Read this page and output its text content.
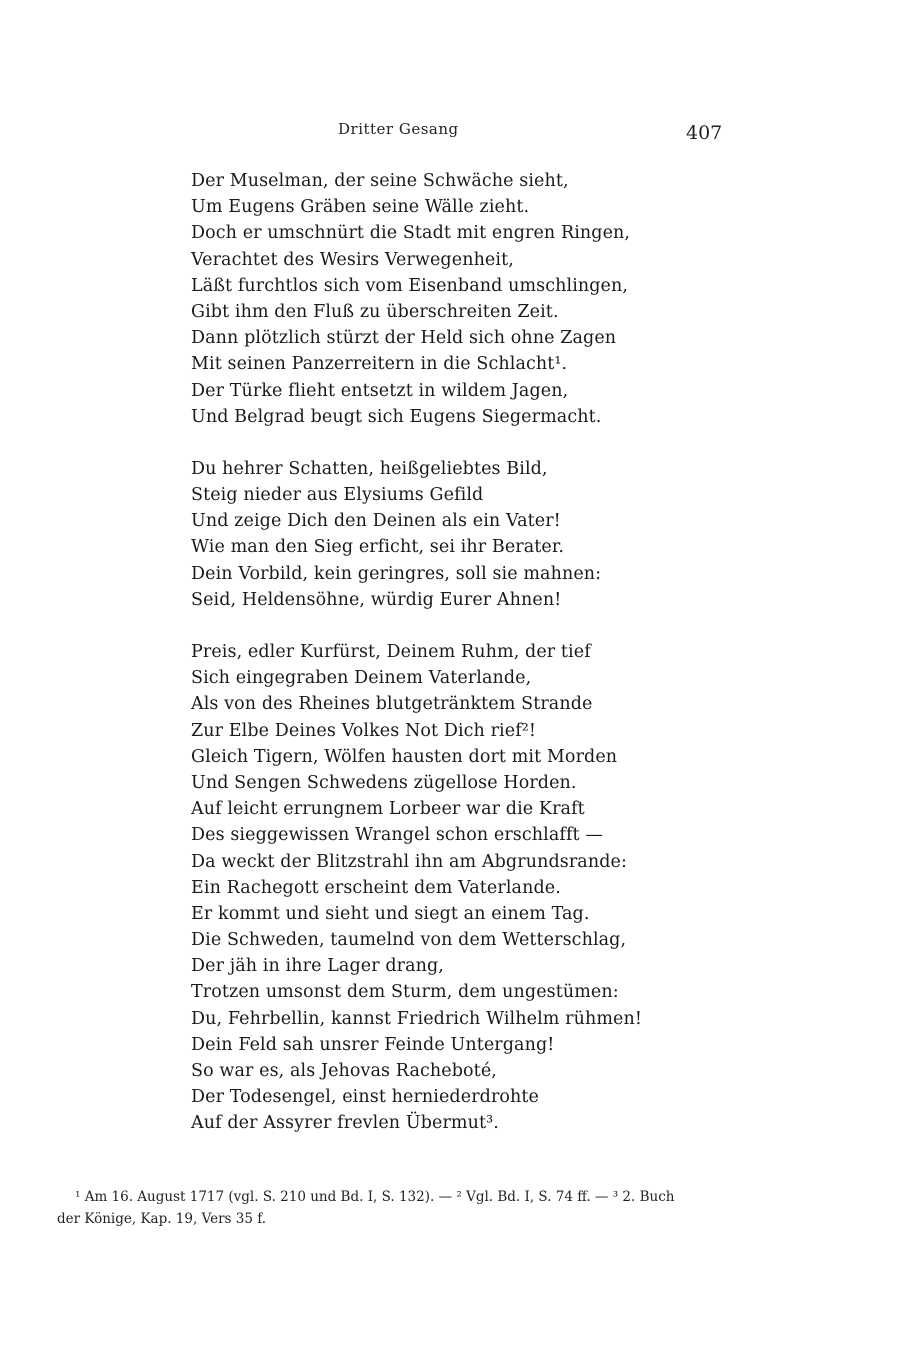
Dritter Gesang	407
Der Muselman, der seine Schwäche sieht,
Um Eugens Gräben seine Wälle zieht.
Doch er umschnürt die Stadt mit engren Ringen,
Verachtet des Wesirs Verwegenheit,
Läßt furchtlos sich vom Eisenband umschlingen,
Gibt ihm den Fluß zu überschreiten Zeit.
Dann plötzlich stürzt der Held sich ohne Zagen
Mit seinen Panzerreitern in die Schlacht¹.
Der Türke flieht entsetzt in wildem Jagen,
Und Belgrad beugt sich Eugens Siegermacht.
Du hehrer Schatten, heißgeliebtes Bild,
Steig nieder aus Elysiums Gefild
Und zeige Dich den Deinen als ein Vater!
Wie man den Sieg erficht, sei ihr Berater.
Dein Vorbild, kein geringres, soll sie mahnen:
Seid, Heldensöhne, würdig Eurer Ahnen!
Preis, edler Kurfürst, Deinem Ruhm, der tief
Sich eingegraben Deinem Vaterlande,
Als von des Rheines blutgetränktem Strande
Zur Elbe Deines Volkes Not Dich rief²!
Gleich Tigern, Wölfen hausten dort mit Morden
Und Sengen Schwedens zügellose Horden.
Auf leicht errungnem Lorbeer war die Kraft
Des sieggewissen Wrangel schon erschlafft —
Da weckt der Blitzstrahl ihn am Abgrundsrande:
Ein Rachegott erscheint dem Vaterlande.
Er kommt und sieht und siegt an einem Tag.
Die Schweden, taumelnd von dem Wetterschlag,
Der jäh in ihre Lager drang,
Trotzen umsonst dem Sturm, dem ungestümen:
Du, Fehrbellin, kannst Friedrich Wilhelm rühmen!
Dein Feld sah unsrer Feinde Untergang!
So war es, als Jehovas Racheboté,
Der Todesengel, einst herniederdrohte
Auf der Assyrer frevlen Übermut³.
¹ Am 16. August 1717 (vgl. S. 210 und Bd. I, S. 132). — ² Vgl. Bd. I, S. 74 ff. — ³ 2. Buch
der Könige, Kap. 19, Vers 35 f.
